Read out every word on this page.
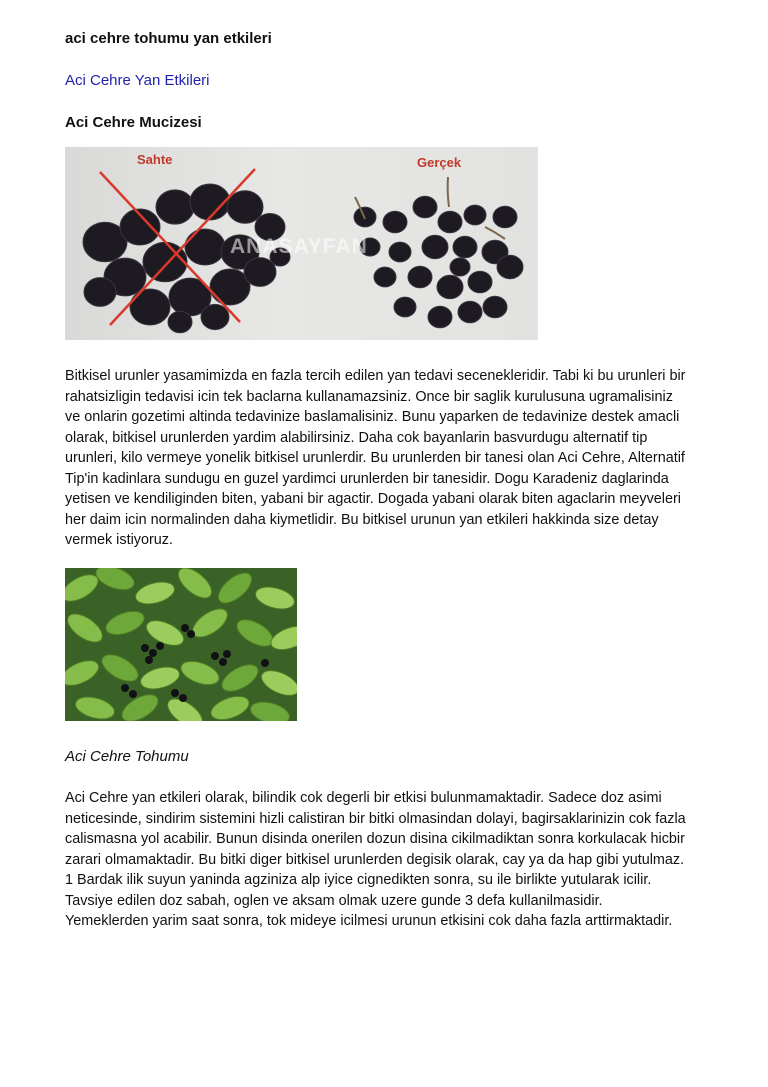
aci cehre tohumu yan etkileri
Aci Cehre Yan Etkileri
Aci Cehre Mucizesi
Sahte	Gerçek
ANASAYFAN
Bitkisel urunler yasamimizda en fazla tercih edilen yan tedavi secenekleridir. Tabi ki bu urunleri bir
rahatsizligin tedavisi icin tek baclarna kullanamazsiniz. Once bir saglik kurulusuna ugramalisiniz
ve onlarin gozetimi altinda tedavinize baslamalisiniz. Bunu yaparken de tedavinize destek amacli
olarak, bitkisel urunlerden yardim alabilirsiniz. Daha cok bayanlarin basvurdugu alternatif tip
urunleri, kilo vermeye yonelik bitkisel urunlerdir. Bu urunlerden bir tanesi olan Aci Cehre, Alternatif
Tip'in kadinlara sundugu en guzel yardimci urunlerden bir tanesidir. Dogu Karadeniz daglarinda
yetisen ve kendiliginden biten, yabani bir agactir. Dogada yabani olarak biten agaclarin meyveleri
her daim icin normalinden daha kiymetlidir. Bu bitkisel urunun yan etkileri hakkinda size detay
vermek istiyoruz.

Aci Cehre Tohumu

Aci Cehre yan etkileri olarak, bilindik cok degerli bir etkisi bulunmamaktadir. Sadece doz asimi
neticesinde, sindirim sistemini hizli calistiran bir bitki olmasindan dolayi, bagirsaklarinizin cok fazla
calismasna yol acabilir. Bunun disinda onerilen dozun disina cikilmadiktan sonra korkulacak hicbir
zarari olmamaktadir. Bu bitki diger bitkisel urunlerden degisik olarak, cay ya da hap gibi yutulmaz.
1 Bardak ilik suyun yaninda agziniza alp iyice cignedikten sonra, su ile birlikte yutularak icilir.
Tavsiye edilen doz sabah, oglen ve aksam olmak uzere gunde 3 defa kullanilmasidir.
Yemeklerden yarim saat sonra, tok mideye icilmesi urunun etkisini cok daha fazla arttirmaktadir.
